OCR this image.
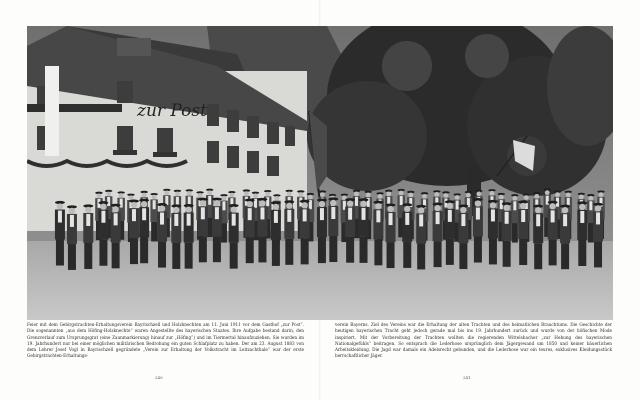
zur Post

Feier mit dem Gebirgstrachten-Erhaltungsverein Bayrischzell und Holzknechten am 11. Juni 1911 vor dem Gasthof „zur Post“. Die sogenannten „aus dem Höfing-Holzknechte“ waren Angestellte des bayerischen Staates. Ihre Aufgabe bestand darin, den Grenzverlauf zum Ursprungsgrat (eine Zaunmarkierung) hinauf zur „Höfing“) und im Tiermertal hinaufzuziehen. Sie wurden im 19. Jahrhundert nur bei einer möglichen militärischen Bedrohung ein guten Schlafplatz zu haben. Der am 23. August 1883 von dem Lehrer Josef Vogl in Bayrischzell gegründete „Verein zur Erhaltung der Volkstracht im Leitzachthale“ war der erste Gebirgstrachten-Erhaltungs-

verein Bayerns. Ziel des Vereins war die Erhaltung der alten Trachten und des heimatlichen Brauchtums. Die Geschichte der heutigen bayerischen Tracht geht jedoch gerade mal bis ins 19. Jahrhundert zurück und wurde von der höfischen Mode inspiriert. Mit der Vorbereitung der Trachten wollten die regierenden Wittelsbacher „zur Hebung des bayerischen Nationalgefühls“ beitragen. So entsprach die Lederhose ursprünglich dem Jägergewand um 1850 und keiner bäuerlichen Arbeitskleidung. Die Jagd war damals ein Adelsrecht gebunden, und die Lederhose war ein teures, exklusives Kleidungsstück herrschaftlicher Jäger.

240	241
